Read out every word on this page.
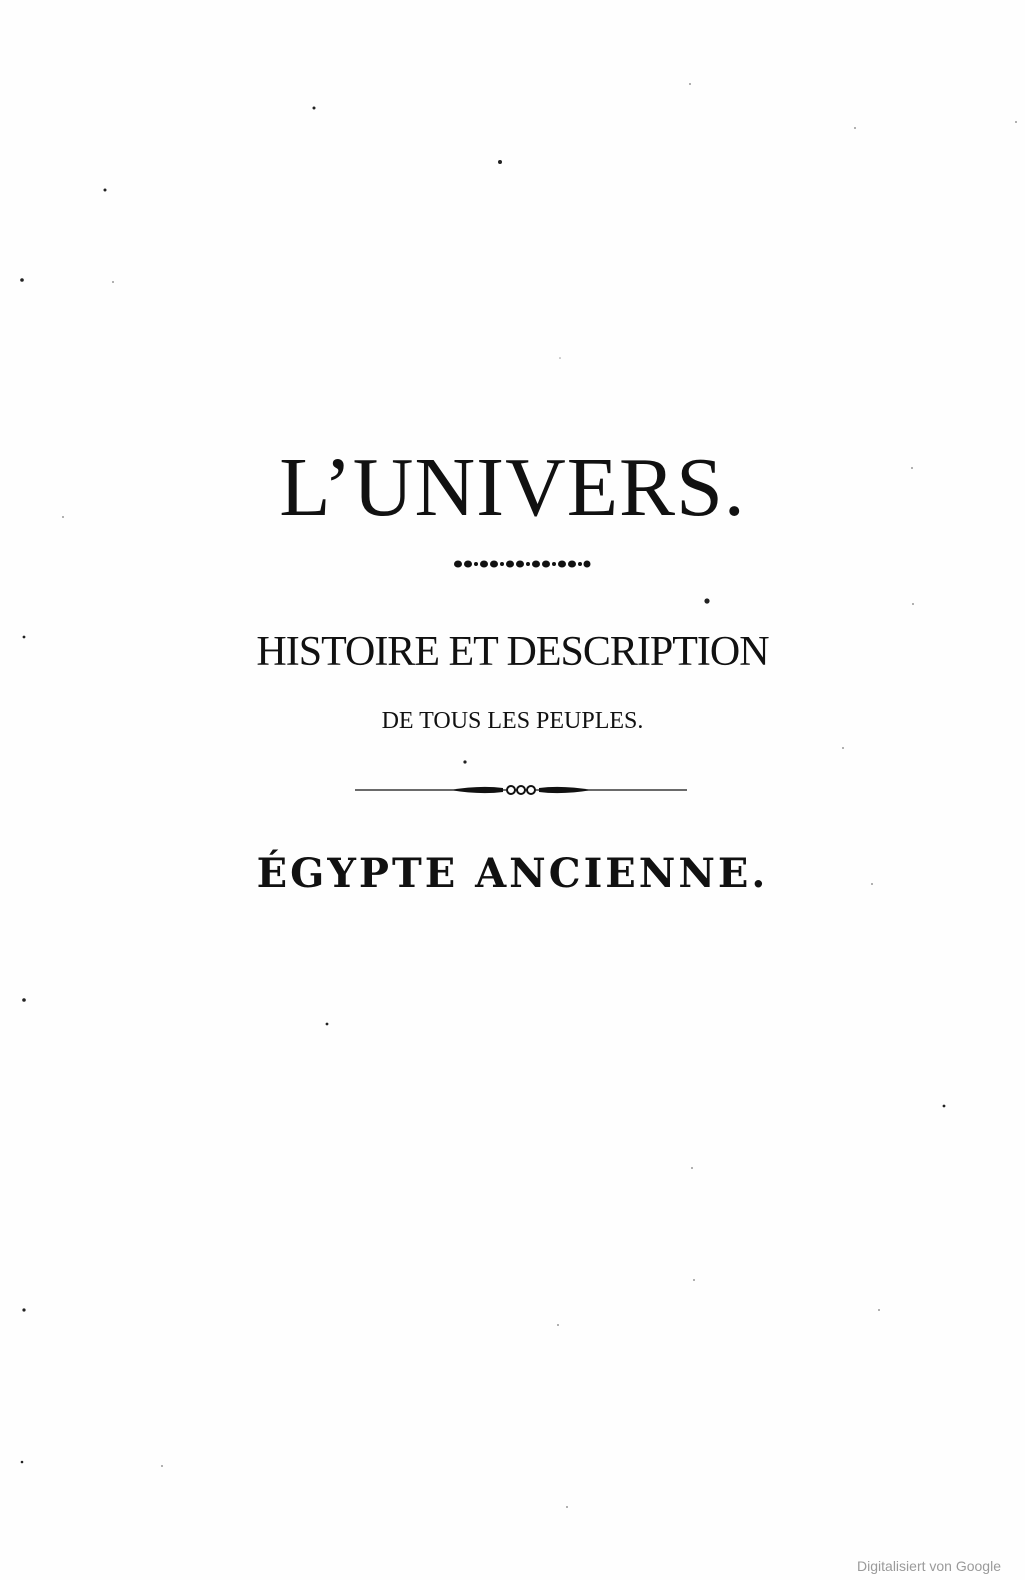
L’UNIVERS.
HISTOIRE ET DESCRIPTION
DE TOUS LES PEUPLES.
ÉGYPTE ANCIENNE.
Digitalisiert von Google
